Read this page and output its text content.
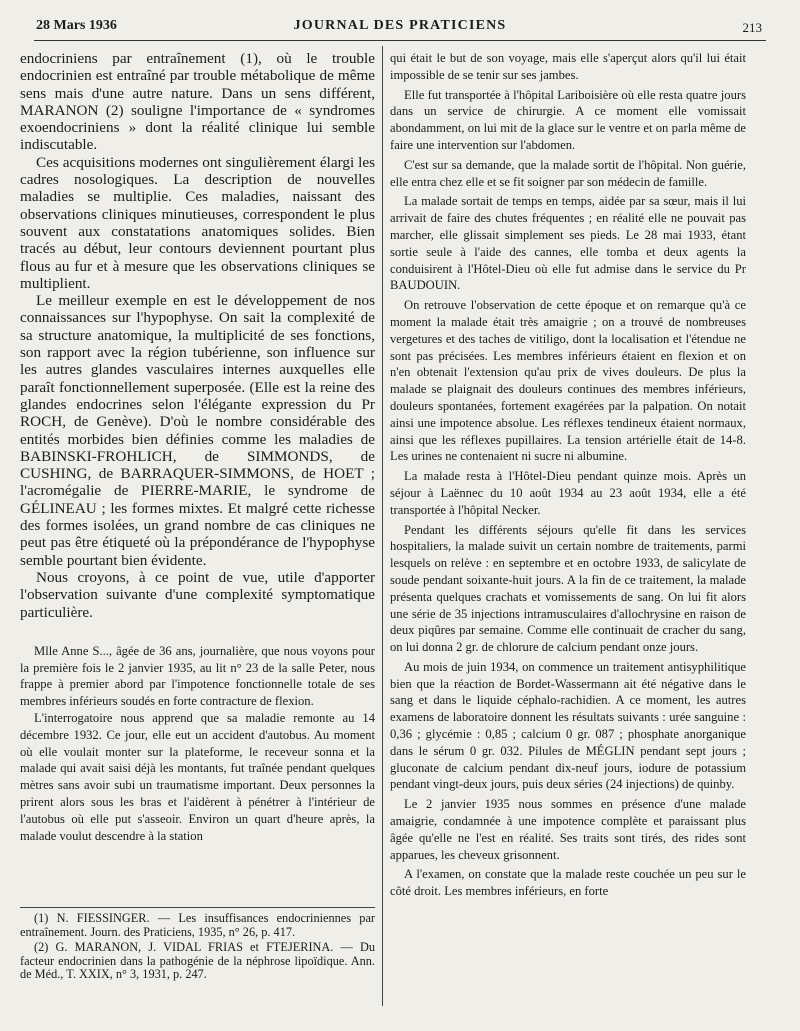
28 Mars 1936	JOURNAL DES PRATICIENS	213

endocriniens par entraînement (1), où le trouble endocrinien est entraîné par trouble métabolique de même sens mais d'une autre nature. Dans un sens différent, MARANON (2) souligne l'importance de « syndromes exoendocriniens » dont la réalité clinique lui semble indiscutable.

Ces acquisitions modernes ont singulièrement élargi les cadres nosologiques. La description de nouvelles maladies se multiplie. Ces maladies, naissant des observations cliniques minutieuses, correspondent le plus souvent aux constatations anatomiques solides. Bien tracés au début, leur contours deviennent pourtant plus flous au fur et à mesure que les observations cliniques se multiplient.

Le meilleur exemple en est le développement de nos connaissances sur l'hypophyse. On sait la complexité de sa structure anatomique, la multiplicité de ses fonctions, son rapport avec la région tubérienne, son influence sur les autres glandes vasculaires internes auxquelles elle paraît fonctionnellement superposée. (Elle est la reine des glandes endocrines selon l'élégante expression du Pr ROCH, de Genève). D'où le nombre considérable des entités morbides bien définies comme les maladies de BABINSKI-FROHLICH, de SIMMONDS, de CUSHING, de BARRAQUER-SIMMONS, de HOET ; l'acromégalie de PIERRE-MARIE, le syndrome de GÉLINEAU ; les formes mixtes. Et malgré cette richesse des formes isolées, un grand nombre de cas cliniques ne peut pas être étiqueté où la prépondérance de l'hypophyse semble pourtant bien évidente.

Nous croyons, à ce point de vue, utile d'apporter l'observation suivante d'une complexité symptomatique particulière.

Mlle Anne S..., âgée de 36 ans, journalière, que nous voyons pour la première fois le 2 janvier 1935, au lit n° 23 de la salle Peter, nous frappe à premier abord par l'impotence fonctionnelle totale de ses membres inférieurs soudés en forte contracture de flexion.

L'interrogatoire nous apprend que sa maladie remonte au 14 décembre 1932. Ce jour, elle eut un accident d'autobus. Au moment où elle voulait monter sur la plateforme, le receveur sonna et la malade qui avait saisi déjà les montants, fut traînée pendant quelques mètres sans avoir subi un traumatisme important. Deux personnes la prirent alors sous les bras et l'aidèrent à pénétrer à l'intérieur de l'autobus où elle put s'asseoir. Environ un quart d'heure après, la malade voulut descendre à la station

(1) N. FIESSINGER. — Les insuffisances endocriniennes par entraînement. Journ. des Praticiens, 1935, n° 26, p. 417.

(2) G. MARANON, J. VIDAL FRIAS et FTEJERINA. — Du facteur endocrinien dans la pathogénie de la néphrose lipoïdique. Ann. de Méd., T. XXIX, n° 3, 1931, p. 247.

qui était le but de son voyage, mais elle s'aperçut alors qu'il lui était impossible de se tenir sur ses jambes.

Elle fut transportée à l'hôpital Lariboisière où elle resta quatre jours dans un service de chirurgie. A ce moment elle vomissait abondamment, on lui mit de la glace sur le ventre et on parla même de faire une intervention sur l'abdomen.

C'est sur sa demande, que la malade sortit de l'hôpital. Non guérie, elle entra chez elle et se fit soigner par son médecin de famille.

La malade sortait de temps en temps, aidée par sa sœur, mais il lui arrivait de faire des chutes fréquentes ; en réalité elle ne pouvait pas marcher, elle glissait simplement ses pieds. Le 28 mai 1933, étant sortie seule à l'aide des cannes, elle tomba et deux agents la conduisirent à l'Hôtel-Dieu où elle fut admise dans le service du Pr BAUDOUIN.

On retrouve l'observation de cette époque et on remarque qu'à ce moment la malade était très amaigrie ; on a trouvé de nombreuses vergetures et des taches de vitiligo, dont la localisation et l'étendue ne sont pas précisées. Les membres inférieurs étaient en flexion et on n'en obtenait l'extension qu'au prix de vives douleurs. De plus la malade se plaignait des douleurs continues des membres inférieurs, douleurs spontanées, fortement exagérées par la palpation. On notait ainsi une impotence absolue. Les réflexes tendineux étaient normaux, ainsi que les réflexes pupillaires. La tension artérielle était de 14-8. Les urines ne contenaient ni sucre ni albumine.

La malade resta à l'Hôtel-Dieu pendant quinze mois. Après un séjour à Laënnec du 10 août 1934 au 23 août 1934, elle a été transportée à l'hôpital Necker.

Pendant les différents séjours qu'elle fit dans les services hospitaliers, la malade suivit un certain nombre de traitements, parmi lesquels on relève : en septembre et en octobre 1933, de salicylate de soude pendant soixante-huit jours. A la fin de ce traitement, la malade présenta quelques crachats et vomissements de sang. On lui fit alors une série de 35 injections intramusculaires d'allochrysine en raison de deux piqûres par semaine. Comme elle continuait de cracher du sang, on lui donna 2 gr. de chlorure de calcium pendant onze jours.

Au mois de juin 1934, on commence un traitement antisyphilitique bien que la réaction de Bordet-Wassermann ait été négative dans le sang et dans le liquide céphalo-rachidien. A ce moment, les autres examens de laboratoire donnent les résultats suivants : urée sanguine : 0,36 ; glycémie : 0,85 ; calcium 0 gr. 087 ; phosphate anorganique dans le sérum 0 gr. 032. Pilules de MÉGLIN pendant sept jours ; gluconate de calcium pendant dix-neuf jours, iodure de potassium pendant vingt-deux jours, puis deux séries (24 injections) de quinby.

Le 2 janvier 1935 nous sommes en présence d'une malade amaigrie, condamnée à une impotence complète et paraissant plus âgée qu'elle ne l'est en réalité. Ses traits sont tirés, des rides sont apparues, les cheveux grisonnent.

A l'examen, on constate que la malade reste couchée un peu sur le côté droit. Les membres inférieurs, en forte
